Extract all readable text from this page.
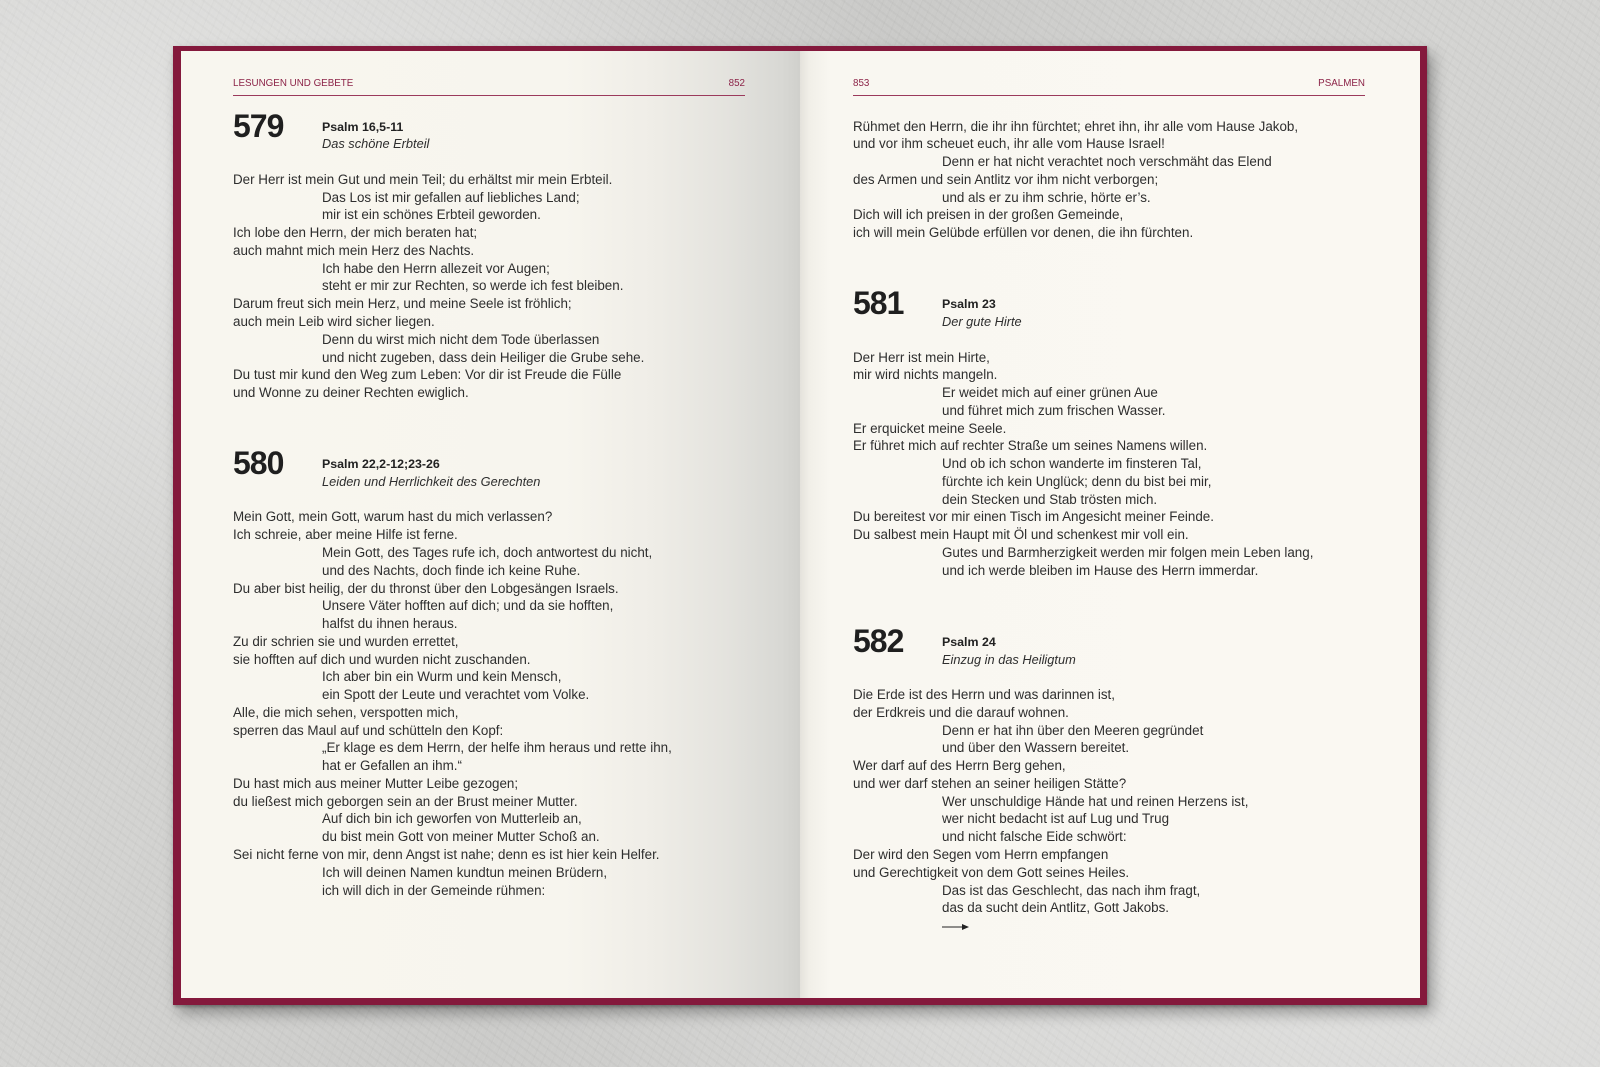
LESUNGEN UND GEBETE	852	853	PSALMEN
579	Psalm 16,5-11
Das schöne Erbteil
Der Herr ist mein Gut und mein Teil; du erhältst mir mein Erbteil.
Das Los ist mir gefallen auf liebliches Land;
mir ist ein schönes Erbteil geworden.
Ich lobe den Herrn, der mich beraten hat;
auch mahnt mich mein Herz des Nachts.
Ich habe den Herrn allezeit vor Augen;
steht er mir zur Rechten, so werde ich fest bleiben.
Darum freut sich mein Herz, und meine Seele ist fröhlich;
auch mein Leib wird sicher liegen.
Denn du wirst mich nicht dem Tode überlassen
und nicht zugeben, dass dein Heiliger die Grube sehe.
Du tust mir kund den Weg zum Leben: Vor dir ist Freude die Fülle
und Wonne zu deiner Rechten ewiglich.
580	Psalm 22,2-12;23-26
Leiden und Herrlichkeit des Gerechten
Mein Gott, mein Gott, warum hast du mich verlassen?
Ich schreie, aber meine Hilfe ist ferne.
Mein Gott, des Tages rufe ich, doch antwortest du nicht,
und des Nachts, doch finde ich keine Ruhe.
Du aber bist heilig, der du thronst über den Lobgesängen Israels.
Unsere Väter hofften auf dich; und da sie hofften,
halfst du ihnen heraus.
Zu dir schrien sie und wurden errettet,
sie hofften auf dich und wurden nicht zuschanden.
Ich aber bin ein Wurm und kein Mensch,
ein Spott der Leute und verachtet vom Volke.
Alle, die mich sehen, verspotten mich,
sperren das Maul auf und schütteln den Kopf:
„Er klage es dem Herrn, der helfe ihm heraus und rette ihn,
hat er Gefallen an ihm.“
Du hast mich aus meiner Mutter Leibe gezogen;
du ließest mich geborgen sein an der Brust meiner Mutter.
Auf dich bin ich geworfen von Mutterleib an,
du bist mein Gott von meiner Mutter Schoß an.
Sei nicht ferne von mir, denn Angst ist nahe; denn es ist hier kein Helfer.
Ich will deinen Namen kundtun meinen Brüdern,
ich will dich in der Gemeinde rühmen:
Rühmet den Herrn, die ihr ihn fürchtet; ehret ihn, ihr alle vom Hause Jakob,
und vor ihm scheuet euch, ihr alle vom Hause Israel!
Denn er hat nicht verachtet noch verschmäht das Elend
des Armen und sein Antlitz vor ihm nicht verborgen;
und als er zu ihm schrie, hörte er’s.
Dich will ich preisen in der großen Gemeinde,
ich will mein Gelübde erfüllen vor denen, die ihn fürchten.
581	Psalm 23
Der gute Hirte
Der Herr ist mein Hirte,
mir wird nichts mangeln.
Er weidet mich auf einer grünen Aue
und führet mich zum frischen Wasser.
Er erquicket meine Seele.
Er führet mich auf rechter Straße um seines Namens willen.
Und ob ich schon wanderte im finsteren Tal,
fürchte ich kein Unglück; denn du bist bei mir,
dein Stecken und Stab trösten mich.
Du bereitest vor mir einen Tisch im Angesicht meiner Feinde.
Du salbest mein Haupt mit Öl und schenkest mir voll ein.
Gutes und Barmherzigkeit werden mir folgen mein Leben lang,
und ich werde bleiben im Hause des Herrn immerdar.
582	Psalm 24
Einzug in das Heiligtum
Die Erde ist des Herrn und was darinnen ist,
der Erdkreis und die darauf wohnen.
Denn er hat ihn über den Meeren gegründet
und über den Wassern bereitet.
Wer darf auf des Herrn Berg gehen,
und wer darf stehen an seiner heiligen Stätte?
Wer unschuldige Hände hat und reinen Herzens ist,
wer nicht bedacht ist auf Lug und Trug
und nicht falsche Eide schwört:
Der wird den Segen vom Herrn empfangen
und Gerechtigkeit von dem Gott seines Heiles.
Das ist das Geschlecht, das nach ihm fragt,
das da sucht dein Antlitz, Gott Jakobs.
